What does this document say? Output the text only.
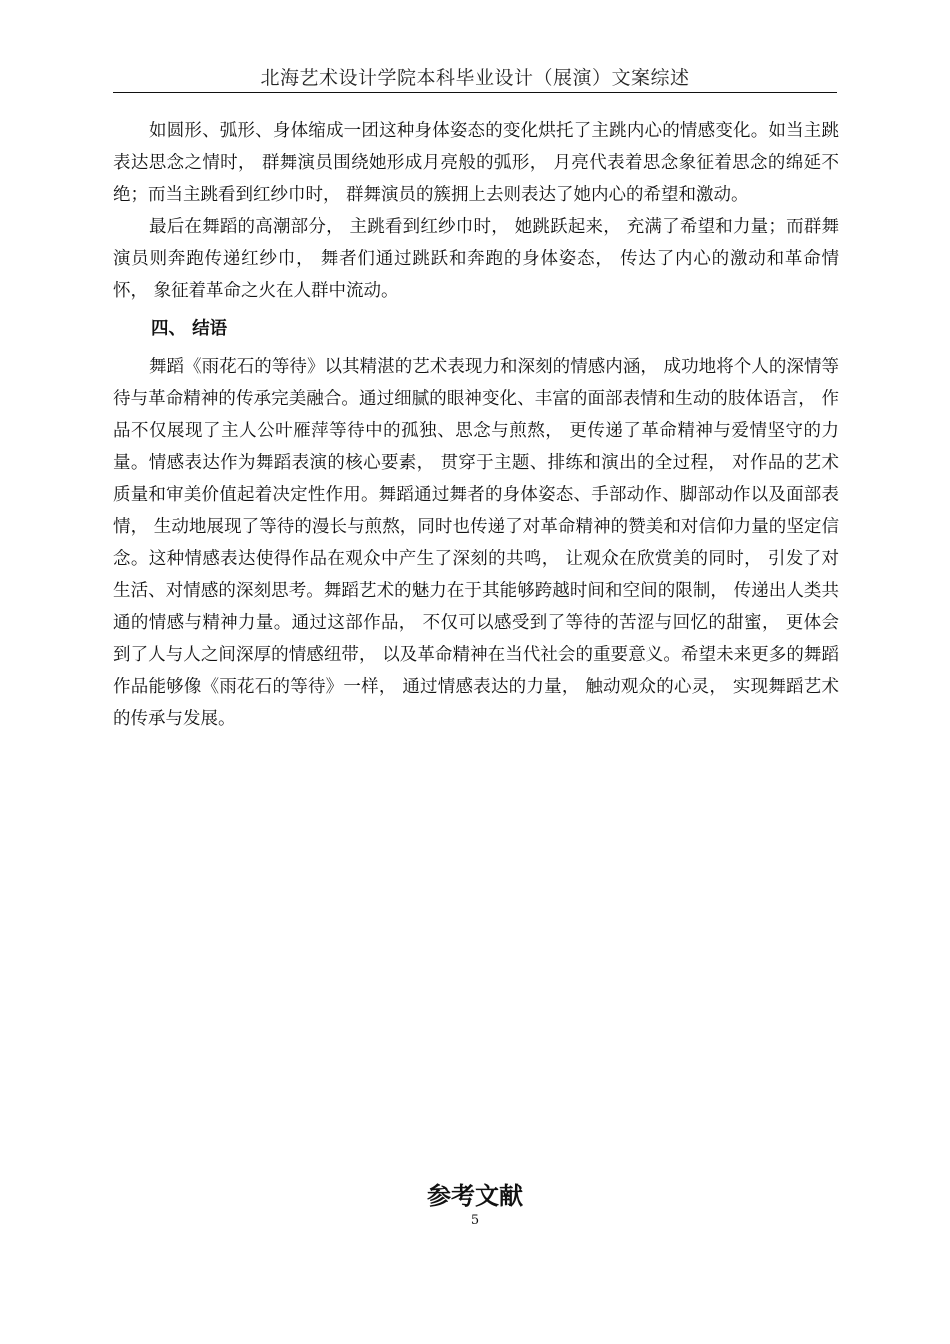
北海艺术设计学院本科毕业设计（展演）文案综述

如圆形、弧形、身体缩成一团这种身体姿态的变化烘托了主跳内心的情感变化。如当主跳表达思念之情时， 群舞演员围绕她形成月亮般的弧形， 月亮代表着思念象征着思念的绵延不绝；而当主跳看到红纱巾时， 群舞演员的簇拥上去则表达了她内心的希望和激动。

最后在舞蹈的高潮部分， 主跳看到红纱巾时， 她跳跃起来， 充满了希望和力量；而群舞演员则奔跑传递红纱巾， 舞者们通过跳跃和奔跑的身体姿态， 传达了内心的激动和革命情怀， 象征着革命之火在人群中流动。

四、 结语

舞蹈《雨花石的等待》以其精湛的艺术表现力和深刻的情感内涵， 成功地将个人的深情等待与革命精神的传承完美融合。通过细腻的眼神变化、丰富的面部表情和生动的肢体语言， 作品不仅展现了主人公叶雁萍等待中的孤独、思念与煎熬， 更传递了革命精神与爱情坚守的力量。情感表达作为舞蹈表演的核心要素， 贯穿于主题、排练和演出的全过程， 对作品的艺术质量和审美价值起着决定性作用。舞蹈通过舞者的身体姿态、手部动作、脚部动作以及面部表情， 生动地展现了等待的漫长与煎熬，同时也传递了对革命精神的赞美和对信仰力量的坚定信念。这种情感表达使得作品在观众中产生了深刻的共鸣， 让观众在欣赏美的同时， 引发了对生活、对情感的深刻思考。舞蹈艺术的魅力在于其能够跨越时间和空间的限制， 传递出人类共通的情感与精神力量。通过这部作品， 不仅可以感受到了等待的苦涩与回忆的甜蜜， 更体会到了人与人之间深厚的情感纽带， 以及革命精神在当代社会的重要意义。希望未来更多的舞蹈作品能够像《雨花石的等待》一样， 通过情感表达的力量， 触动观众的心灵， 实现舞蹈艺术的传承与发展。

参考文献
5
